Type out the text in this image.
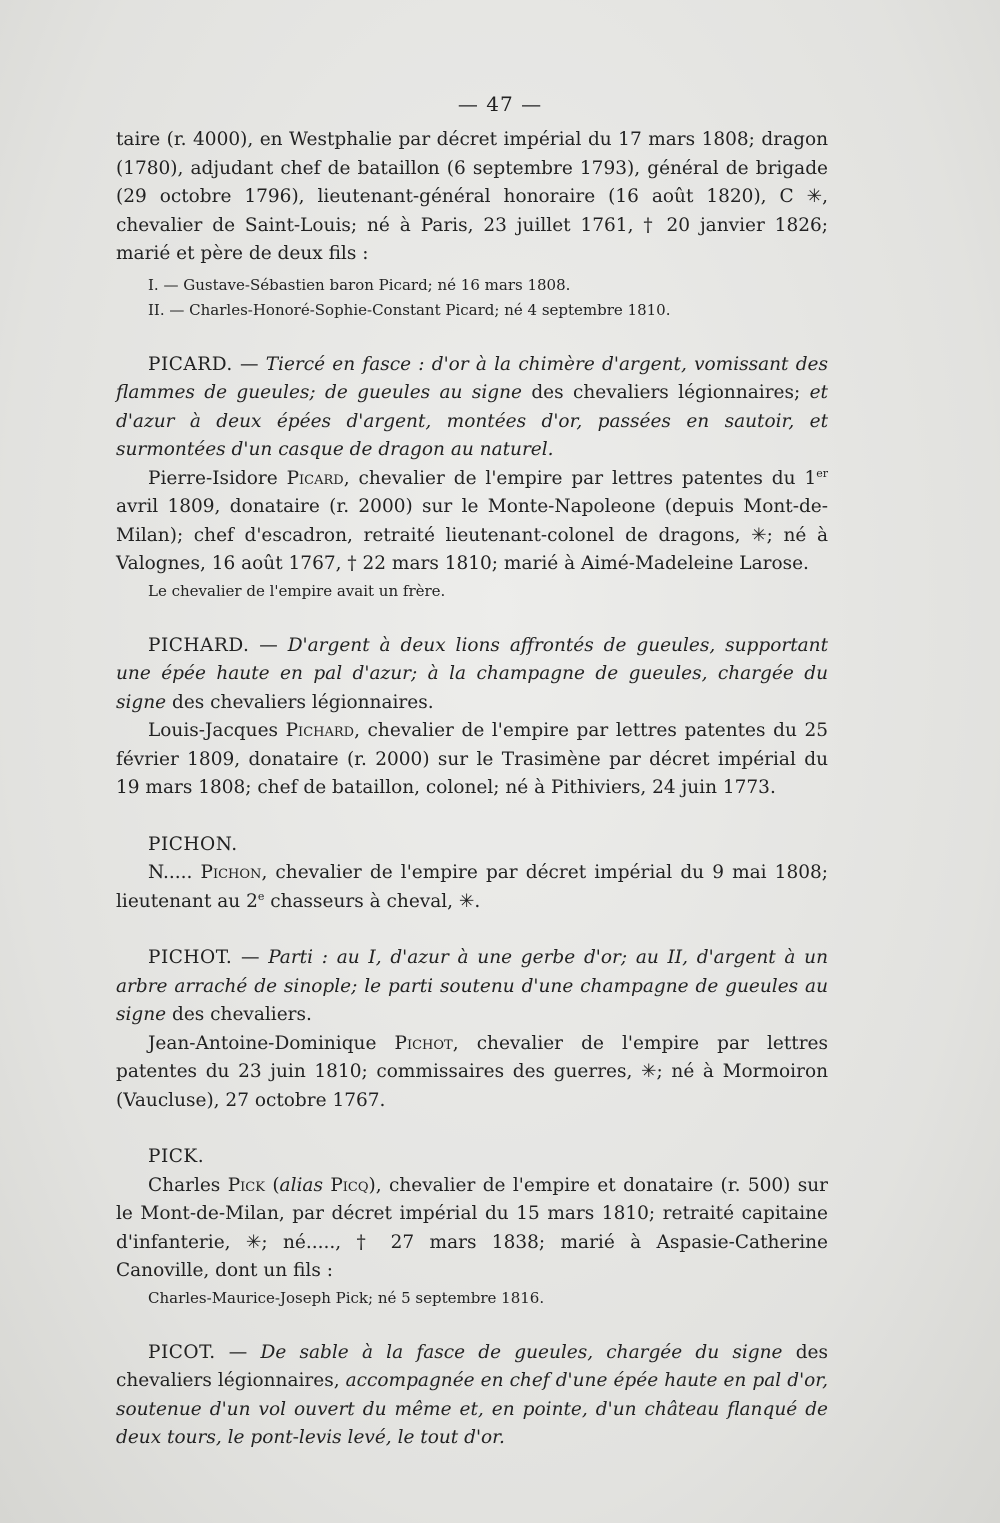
— 47 —

taire (r. 4000), en Westphalie par décret impérial du 17 mars 1808; dragon (1780), adjudant chef de bataillon (6 septembre 1793), général de brigade (29 octobre 1796), lieutenant-général honoraire (16 août 1820), C ✳, chevalier de Saint-Louis; né à Paris, 23 juillet 1761, † 20 janvier 1826; marié et père de deux fils :

I. — Gustave-Sébastien baron Picard; né 16 mars 1808.

II. — Charles-Honoré-Sophie-Constant Picard; né 4 septembre 1810.

PICARD. — Tiercé en fasce : d'or à la chimère d'argent, vomissant des flammes de gueules; de gueules au signe des chevaliers légionnaires; et d'azur à deux épées d'argent, montées d'or, passées en sautoir, et surmontées d'un casque de dragon au naturel.

Pierre-Isidore Picard, chevalier de l'empire par lettres patentes du 1er avril 1809, donataire (r. 2000) sur le Monte-Napoleone (depuis Mont-de-Milan); chef d'escadron, retraité lieutenant-colonel de dragons, ✳; né à Valognes, 16 août 1767, † 22 mars 1810; marié à Aimé-Madeleine Larose.

Le chevalier de l'empire avait un frère.

PICHARD. — D'argent à deux lions affrontés de gueules, supportant une épée haute en pal d'azur; à la champagne de gueules, chargée du signe des chevaliers légionnaires.

Louis-Jacques Pichard, chevalier de l'empire par lettres patentes du 25 février 1809, donataire (r. 2000) sur le Trasimène par décret impérial du 19 mars 1808; chef de bataillon, colonel; né à Pithiviers, 24 juin 1773.

PICHON.

N..... Pichon, chevalier de l'empire par décret impérial du 9 mai 1808; lieutenant au 2e chasseurs à cheval, ✳.

PICHOT. — Parti : au I, d'azur à une gerbe d'or; au II, d'argent à un arbre arraché de sinople; le parti soutenu d'une champagne de gueules au signe des chevaliers.

Jean-Antoine-Dominique Pichot, chevalier de l'empire par lettres patentes du 23 juin 1810; commissaires des guerres, ✳; né à Mormoiron (Vaucluse), 27 octobre 1767.

PICK.

Charles Pick (alias Picq), chevalier de l'empire et donataire (r. 500) sur le Mont-de-Milan, par décret impérial du 15 mars 1810; retraité capitaine d'infanterie, ✳; né....., † 27 mars 1838; marié à Aspasie-Catherine Canoville, dont un fils :

Charles-Maurice-Joseph Pick; né 5 septembre 1816.

PICOT. — De sable à la fasce de gueules, chargée du signe des chevaliers légionnaires, accompagnée en chef d'une épée haute en pal d'or, soutenue d'un vol ouvert du même et, en pointe, d'un château flanqué de deux tours, le pont-levis levé, le tout d'or.
